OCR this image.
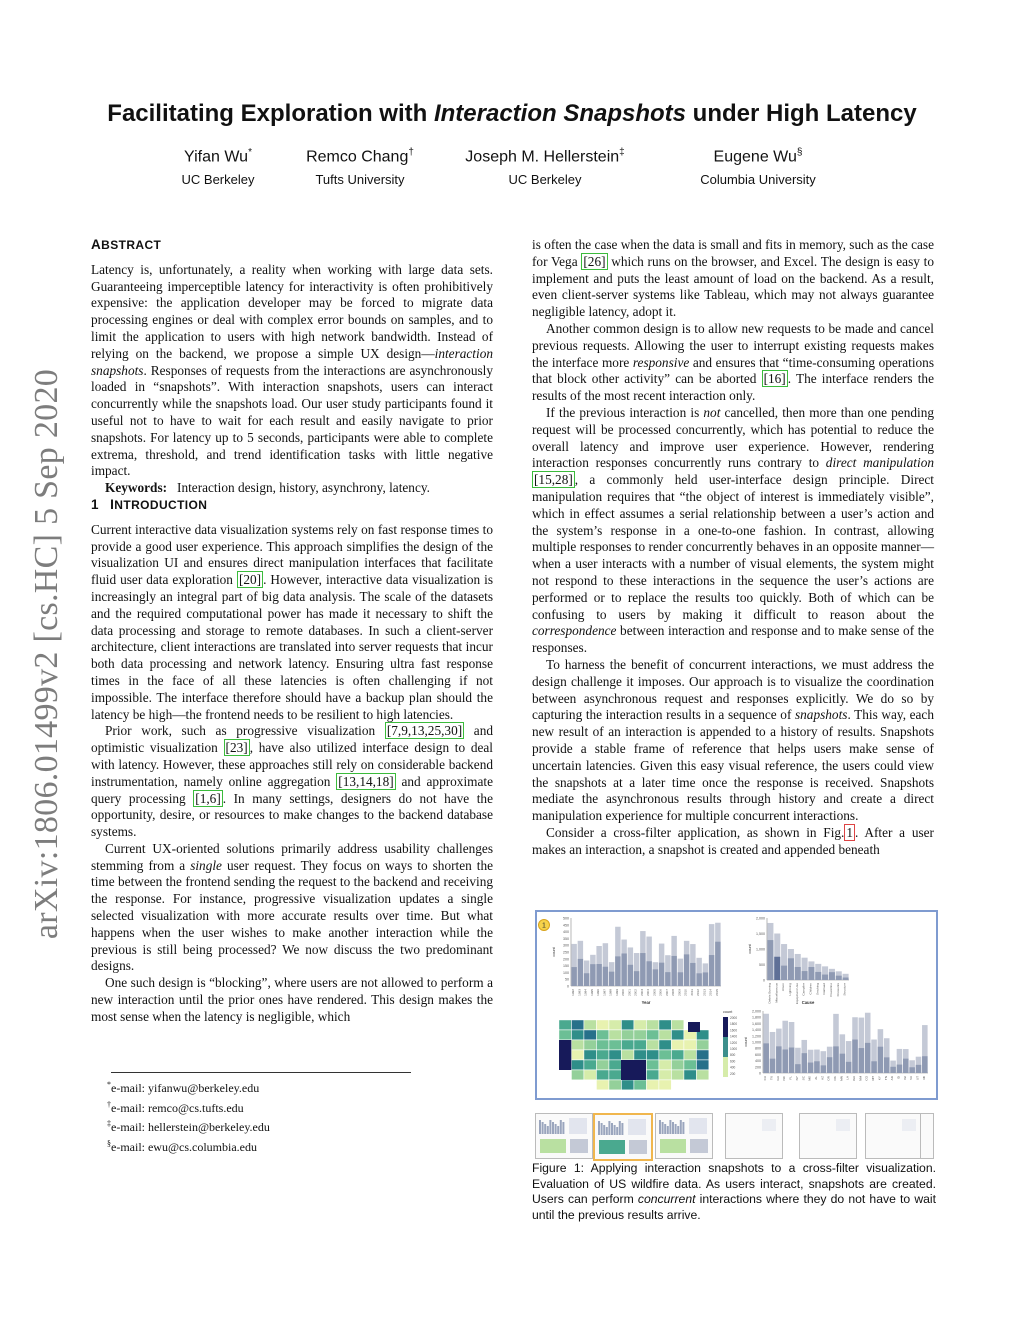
arXiv:1806.01499v2 [cs.HC] 5 Sep 2020
Facilitating Exploration with Interaction Snapshots under High Latency
Yifan Wu*
UC Berkeley
Remco Chang†
Tufts University
Joseph M. Hellerstein‡
UC Berkeley
Eugene Wu§
Columbia University
ABSTRACT

Latency is, unfortunately, a reality when working with large data sets. Guaranteeing imperceptible latency for interactivity is often prohibitively expensive: the application developer may be forced to migrate data processing engines or deal with complex error bounds on samples, and to limit the application to users with high network bandwidth. Instead of relying on the backend, we propose a simple UX design—interaction snapshots. Responses of requests from the interactions are asynchronously loaded in “snapshots”. With interaction snapshots, users can interact concurrently while the snapshots load. Our user study participants found it useful not to have to wait for each result and easily navigate to prior snapshots. For latency up to 5 seconds, participants were able to complete extrema, threshold, and trend identification tasks with little negative impact.

Keywords: Interaction design, history, asynchrony, latency.

1 INTRODUCTION

Current interactive data visualization systems rely on fast response times to provide a good user experience. This approach simplifies the design of the visualization UI and ensures direct manipulation interfaces that facilitate fluid user data exploration [20] . However, interactive data visualization is increasingly an integral part of big data analysis. The scale of the datasets and the required computational power has made it necessary to shift the data processing and storage to remote databases. In such a client-server architecture, client interactions are translated into server requests that incur both data processing and network latency. Ensuring ultra fast response times in the face of all these latencies is often challenging if not impossible. The interface therefore should have a backup plan should the latency be high—the frontend needs to be resilient to high latencies.

Prior work, such as progressive visualization [7,9,13,25,30] and optimistic visualization [23] , have also utilized interface design to deal with latency. However, these approaches still rely on considerable backend instrumentation, namely online aggregation [13,14,18] and approximate query processing [1,6] . In many settings, designers do not have the opportunity, desire, or resources to make changes to the backend database systems.

Current UX-oriented solutions primarily address usability challenges stemming from a single user request. They focus on ways to shorten the time between the frontend sending the request to the backend and receiving the response. For instance, progressive visualization updates a single selected visualization with more accurate results over time. But what happens when the user wishes to make another interaction while the previous is still being processed? We now discuss the two predominant designs.

One such design is “blocking”, where users are not allowed to perform a new interaction until the prior ones have rendered. This design makes the most sense when the latency is negligible, which

*e-mail: yifanwu@berkeley.edu
†e-mail: remco@cs.tufts.edu
‡e-mail: hellerstein@berkeley.edu
§e-mail: ewu@cs.columbia.edu

is often the case when the data is small and fits in memory, such as the case for Vega [26] which runs on the browser, and Excel. The design is easy to implement and puts the least amount of load on the backend. As a result, even client-server systems like Tableau, which may not always guarantee negligible latency, adopt it.

Another common design is to allow new requests to be made and cancel previous requests. Allowing the user to interrupt existing requests makes the interface more responsive and ensures that “time-consuming operations that block other activity” can be aborted [16] . The interface renders the results of the most recent interaction only.

If the previous interaction is not cancelled, then more than one pending request will be processed concurrently, which has potential to reduce the overall latency and improve user experience. However, rendering interaction responses concurrently runs contrary to direct manipulation [15,28] , a commonly held user-interface design principle. Direct manipulation requires that “the object of interest is immediately visible”, which in effect assumes a serial relationship between a user’s action and the system’s response in a one-to-one fashion. In contrast, allowing multiple responses to render concurrently behaves in an opposite manner—when a user interacts with a number of visual elements, the system might not respond to these interactions in the sequence the user’s actions are performed or to replace the results too quickly. Both of which can be confusing to users by making it difficult to reason about the correspondence between interaction and response and to make sense of the responses.

To harness the benefit of concurrent interactions, we must address the design challenge it imposes. Our approach is to visualize the coordination between asynchronous request and responses explicitly. We do so by capturing the interaction results in a sequence of snapshots. This way, each new result of an interaction is appended to a history of results. Snapshots provide a stable frame of reference that helps users make sense of uncertain latencies. Given this easy visual reference, the users could view the snapshots at a later time once the response is received. Snapshots mediate the asynchronous results through history and create a direct manipulation experience for multiple concurrent interactions.

Consider a cross-filter application, as shown in Fig. 1 . After a user makes an interaction, a snapshot is created and appended beneath

1
500
450
400
350
300
250
200
150
100
50
0
count
1992 1993 1994 1995 1996 1997 1998 1999 2000 2001 2002 2003 2004 2005 2006 2007 2008 2009 2010 2011 2012 2013 2014 2015
Year
2,000
1,500
1,000
500
0
count
Debris Burning Miscellaneous Arson Lightning Equipment Use Campfire Children Smoking Railroad Powerline Fireworks Structure
Cause
count
2000
1800
1600
1400
1200
1000
800
600
400
200
2,000
1,800
1,600
1,400
1,200
1,000
800
600
400
200
0
count
CA TX GA NC FL NY SC MS AL AZ OR OK MN LA WA NM CO MT KY TN AR ID WI VA UT MI
Figure 1: Applying interaction snapshots to a cross-filter visualization. Evaluation of US wildfire data. As users interact, snapshots are created. Users can perform concurrent interactions where they do not have to wait until the previous results arrive.
